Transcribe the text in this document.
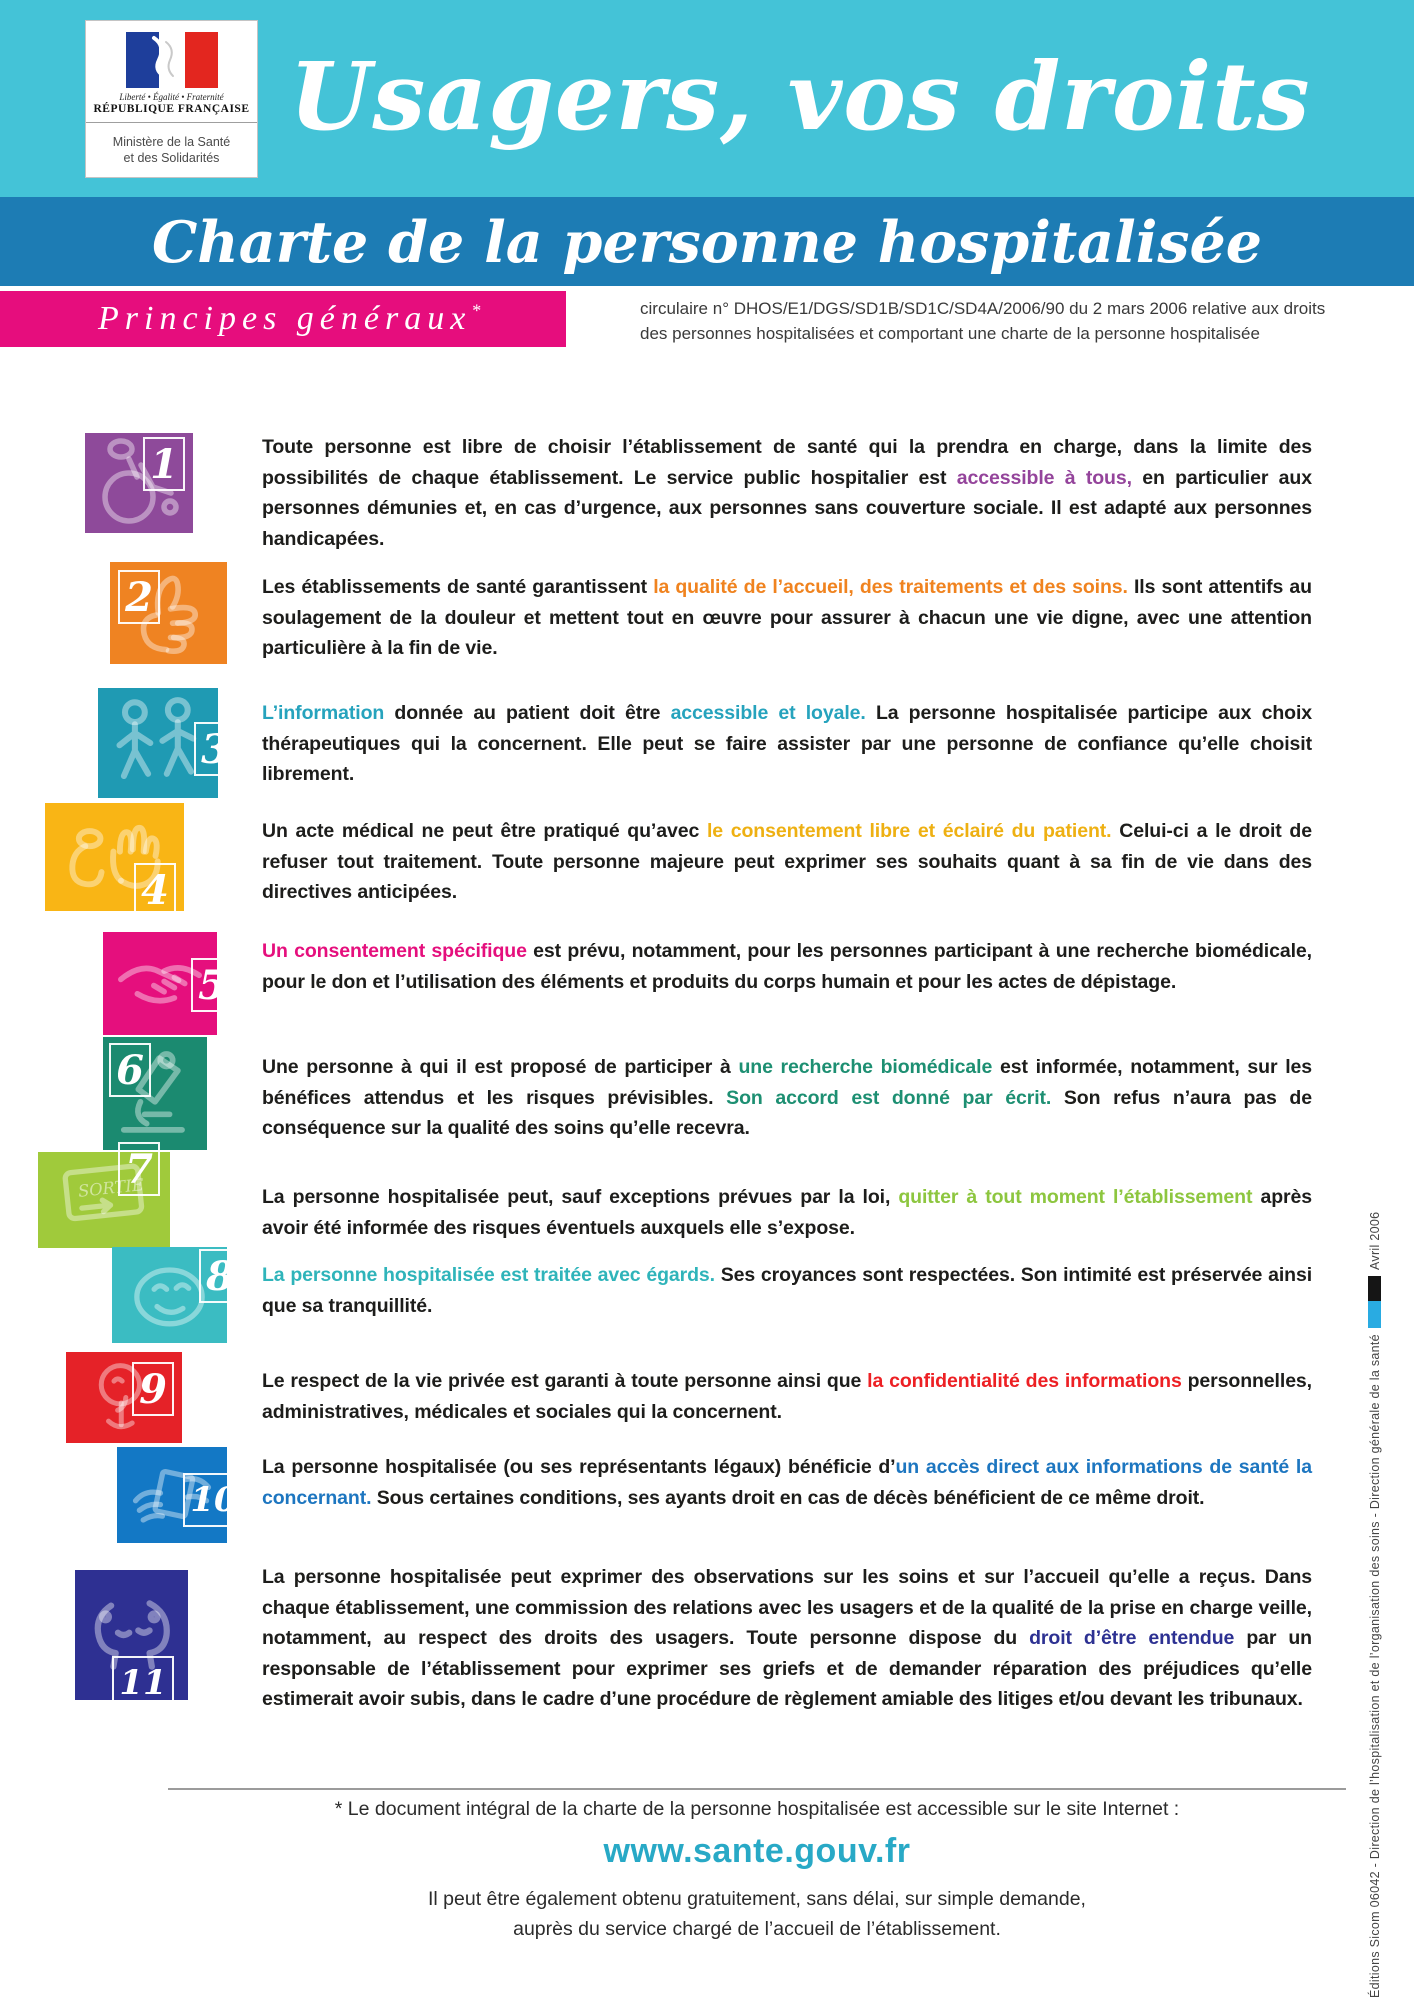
Usagers, vos droits
Charte de la personne hospitalisée

Principes généraux*	circulaire n° DHOS/E1/DGS/SD1B/SD1C/SD4A/2006/90 du 2 mars 2006 relative aux droits
des personnes hospitalisées et comportant une charte de la personne hospitalisée

Liberté • Égalité • Fraternité
RÉPUBLIQUE FRANÇAISE
Ministère de la Santé
et des Solidarités
1	Toute personne est libre de choisir l’établissement de santé qui la prendra en charge, dans la limite des possibilités de chaque établissement. Le service public hospitalier est accessible à tous, en particulier aux personnes démunies et, en cas d’urgence, aux personnes sans couverture sociale. Il est adapté aux personnes handicapées.

2	Les établissements de santé garantissent la qualité de l’accueil, des traitements et des soins. Ils sont attentifs au soulagement de la douleur et mettent tout en œuvre pour assurer à chacun une vie digne, avec une attention particulière à la fin de vie.

3

L’information donnée au patient doit être accessible et loyale. La personne hospitalisée participe aux choix thérapeutiques qui la concernent. Elle peut se faire assister par une personne de confiance qu’elle choisit librement.

4

Un acte médical ne peut être pratiqué qu’avec le consentement libre et éclairé du patient. Celui-ci a le droit de refuser tout traitement. Toute personne majeure peut exprimer ses souhaits quant à sa fin de vie dans des directives anticipées.

5

Un consentement spécifique est prévu, notamment, pour les personnes participant à une recherche biomédicale, pour le don et l’utilisation des éléments et produits du corps humain et pour les actes de dépistage.

6	Une personne à qui il est proposé de participer à une recherche biomédicale est informée, notamment, sur les bénéfices attendus et les risques prévisibles. Son accord est donné par écrit. Son refus n’aura pas de conséquence sur la qualité des soins qu’elle recevra.

SORTIE
7

La personne hospitalisée peut, sauf exceptions prévues par la loi, quitter à tout moment l’établissement après avoir été informée des risques éventuels auxquels elle s’expose.

8	La personne hospitalisée est traitée avec égards. Ses croyances sont respectées. Son intimité est préservée ainsi que sa tranquillité.

9	Le respect de la vie privée est garanti à toute personne ainsi que la confidentialité des informations personnelles, administratives, médicales et sociales qui la concernent.

10

La personne hospitalisée (ou ses représentants légaux) bénéficie d’un accès direct aux informations de santé la concernant. Sous certaines conditions, ses ayants droit en cas de décès bénéficient de ce même droit.

11

La personne hospitalisée peut exprimer des observations sur les soins et sur l’accueil qu’elle a reçus. Dans chaque établissement, une commission des relations avec les usagers et de la qualité de la prise en charge veille, notamment, au respect des droits des usagers. Toute personne dispose du droit d’être entendue par un responsable de l’établissement pour exprimer ses griefs et de demander réparation des préjudices qu’elle estimerait avoir subis, dans le cadre d’une procédure de règlement amiable des litiges et/ou devant les tribunaux.

* Le document intégral de la charte de la personne hospitalisée est accessible sur le site Internet :

www.sante.gouv.fr

Il peut être également obtenu gratuitement, sans délai, sur simple demande,
auprès du service chargé de l’accueil de l’établissement.	Éditions Sicom 06042 - Direction de l’hospitalisation et de l’organisation des soins - Direction générale de la santé
Avril 2006
